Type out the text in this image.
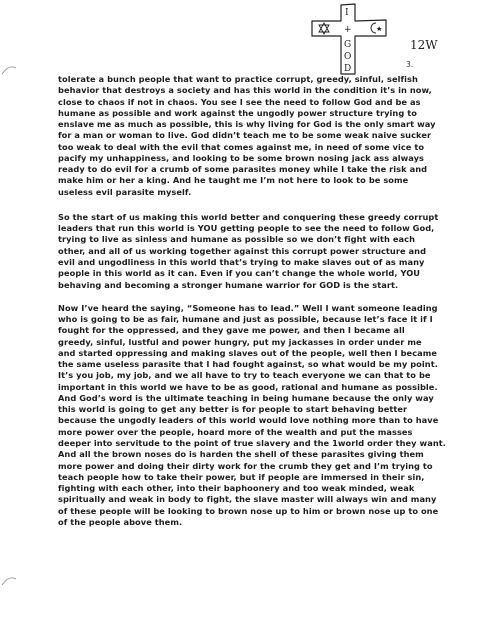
I
+
G
O
D
12W
3.

tolerate a bunch people that want to practice corrupt, greedy, sinful, selfish
behavior that destroys a society and has this world in the condition it’s in now,
close to chaos if not in chaos. You see I see the need to follow God and be as
humane as possible and work against the ungodly power structure trying to
enslave me as much as possible, this is why living for God is the only smart way
for a man or woman to live. God didn’t teach me to be some weak naive sucker
too weak to deal with the evil that comes against me, in need of some vice to
pacify my unhappiness, and looking to be some brown nosing jack ass always
ready to do evil for a crumb of some parasites money while I take the risk and
make him or her a king. And he taught me I’m not here to look to be some
useless evil parasite myself.

So the start of us making this world better and conquering these greedy corrupt
leaders that run this world is YOU getting people to see the need to follow God,
trying to live as sinless and humane as possible so we don’t fight with each
other, and all of us working together against this corrupt power structure and
evil and ungodliness in this world that’s trying to make slaves out of as many
people in this world as it can. Even if you can’t change the whole world, YOU
behaving and becoming a stronger humane warrior for GOD is the start.

Now I’ve heard the saying, “Someone has to lead.” Well I want someone leading
who is going to be as fair, humane and just as possible, because let’s face it if I
fought for the oppressed, and they gave me power, and then I became all
greedy, sinful, lustful and power hungry, put my jackasses in order under me
and started oppressing and making slaves out of the people, well then I became
the same useless parasite that I had fought against, so what would be my point.
It’s you job, my job, and we all have to try to teach everyone we can that to be
important in this world we have to be as good, rational and humane as possible.
And God’s word is the ultimate teaching in being humane because the only way
this world is going to get any better is for people to start behaving better
because the ungodly leaders of this world would love nothing more than to have
more power over the people, hoard more of the wealth and put the masses
deeper into servitude to the point of true slavery and the 1world order they want.
And all the brown noses do is harden the shell of these parasites giving them
more power and doing their dirty work for the crumb they get and I’m trying to
teach people how to take their power, but if people are immersed in their sin,
fighting with each other, into their baphoonery and too weak minded, weak
spiritually and weak in body to fight, the slave master will always win and many
of these people will be looking to brown nose up to him or brown nose up to one
of the people above them.
